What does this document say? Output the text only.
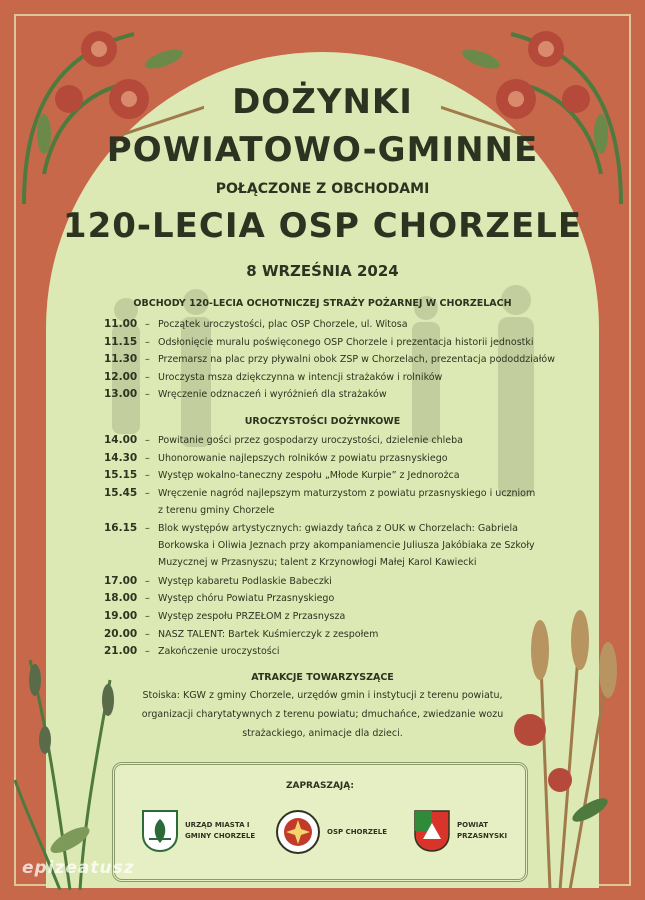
DOŻYNKI
POWIATOWO-GMINNE
POŁĄCZONE Z OBCHODAMI
120-LECIA OSP CHORZELE
8 WRZEŚNIA 2024
OBCHODY 120-LECIA OCHOTNICZEJ STRAŻY POŻARNEJ W CHORZELACH
11.00 – Początek uroczystości, plac OSP Chorzele, ul. Witosa
11.15 – Odsłonięcie muralu poświęconego OSP Chorzele i prezentacja historii jednostki
11.30 – Przemarsz na plac przy pływalni obok ZSP w Chorzelach, prezentacja pododdziałów
12.00 – Uroczysta msza dziękczynna w intencji strażaków i rolników
13.00 – Wręczenie odznaczeń i wyróżnień dla strażaków
UROCZYSTOŚCI DOŻYNKOWE
14.00 – Powitanie gości przez gospodarzy uroczystości, dzielenie chleba
14.30 – Uhonorowanie najlepszych rolników z powiatu przasnyskiego
15.15 – Występ wokalno-taneczny zespołu „Młode Kurpie” z Jednorożca
15.45 – Wręczenie nagród najlepszym maturzystom z powiatu przasnyskiego i uczniom
z terenu gminy Chorzele
16.15 – Blok występów artystycznych: gwiazdy tańca z OUK w Chorzelach: Gabriela
Borkowska i Oliwia Jeznach przy akompaniamencie Juliusza Jakóbiaka ze Szkoły
Muzycznej w Przasnyszu; talent z Krzynowłogi Małej Karol Kawiecki
17.00 – Występ kabaretu Podlaskie Babeczki
18.00 – Występ chóru Powiatu Przasnyskiego
19.00 – Występ zespołu PRZEŁOM z Przasnysza
20.00 – NASZ TALENT: Bartek Kuśmierczyk z zespołem
21.00 – Zakończenie uroczystości
ATRAKCJE TOWARZYSZĄCE
Stoiska: KGW z gminy Chorzele, urzędów gmin i instytucji z terenu powiatu,
organizacji charytatywnych z terenu powiatu; dmuchańce, zwiedzanie wozu
strażackiego, animacje dla dzieci.
ZAPRASZAJĄ:
URZĄD MIASTA I
GMINY CHORZELE
OSP CHORZELE
POWIAT
PRZASNYSKI
epizeatusz
